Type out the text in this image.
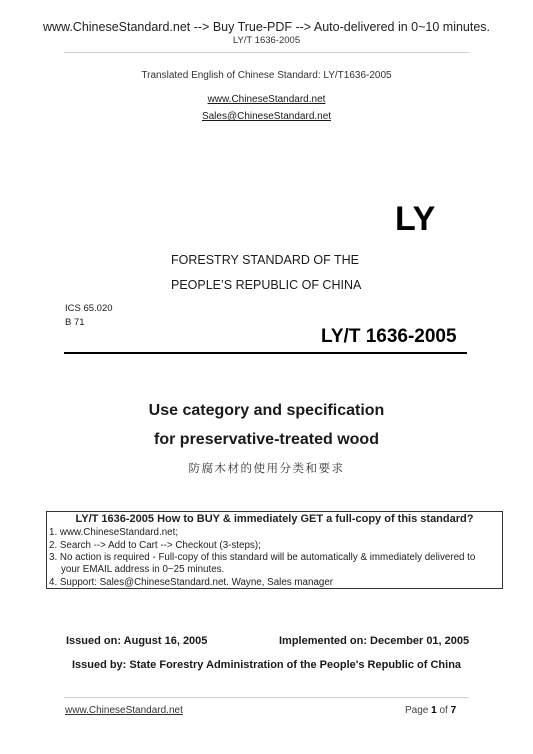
www.ChineseStandard.net --> Buy True-PDF --> Auto-delivered in 0~10 minutes.
LY/T 1636-2005
Translated English of Chinese Standard: LY/T1636-2005
www.ChineseStandard.net
Sales@ChineseStandard.net
LY
FORESTRY STANDARD OF THE
PEOPLE’S REPUBLIC OF CHINA
ICS 65.020
B 71
LY/T 1636-2005
Use category and specification
for preservative-treated wood
防腐木材的使用分类和要求
LY/T 1636-2005 How to BUY & immediately GET a full-copy of this standard?
1. www.ChineseStandard.net;
2. Search --> Add to Cart --> Checkout (3-steps);
3. No action is required - Full-copy of this standard will be automatically & immediately delivered to
your EMAIL address in 0~25 minutes.
4. Support: Sales@ChineseStandard.net. Wayne, Sales manager
Issued on: August 16, 2005	Implemented on: December 01, 2005
Issued by: State Forestry Administration of the People's Republic of China
www.ChineseStandard.net	Page 1 of 7
